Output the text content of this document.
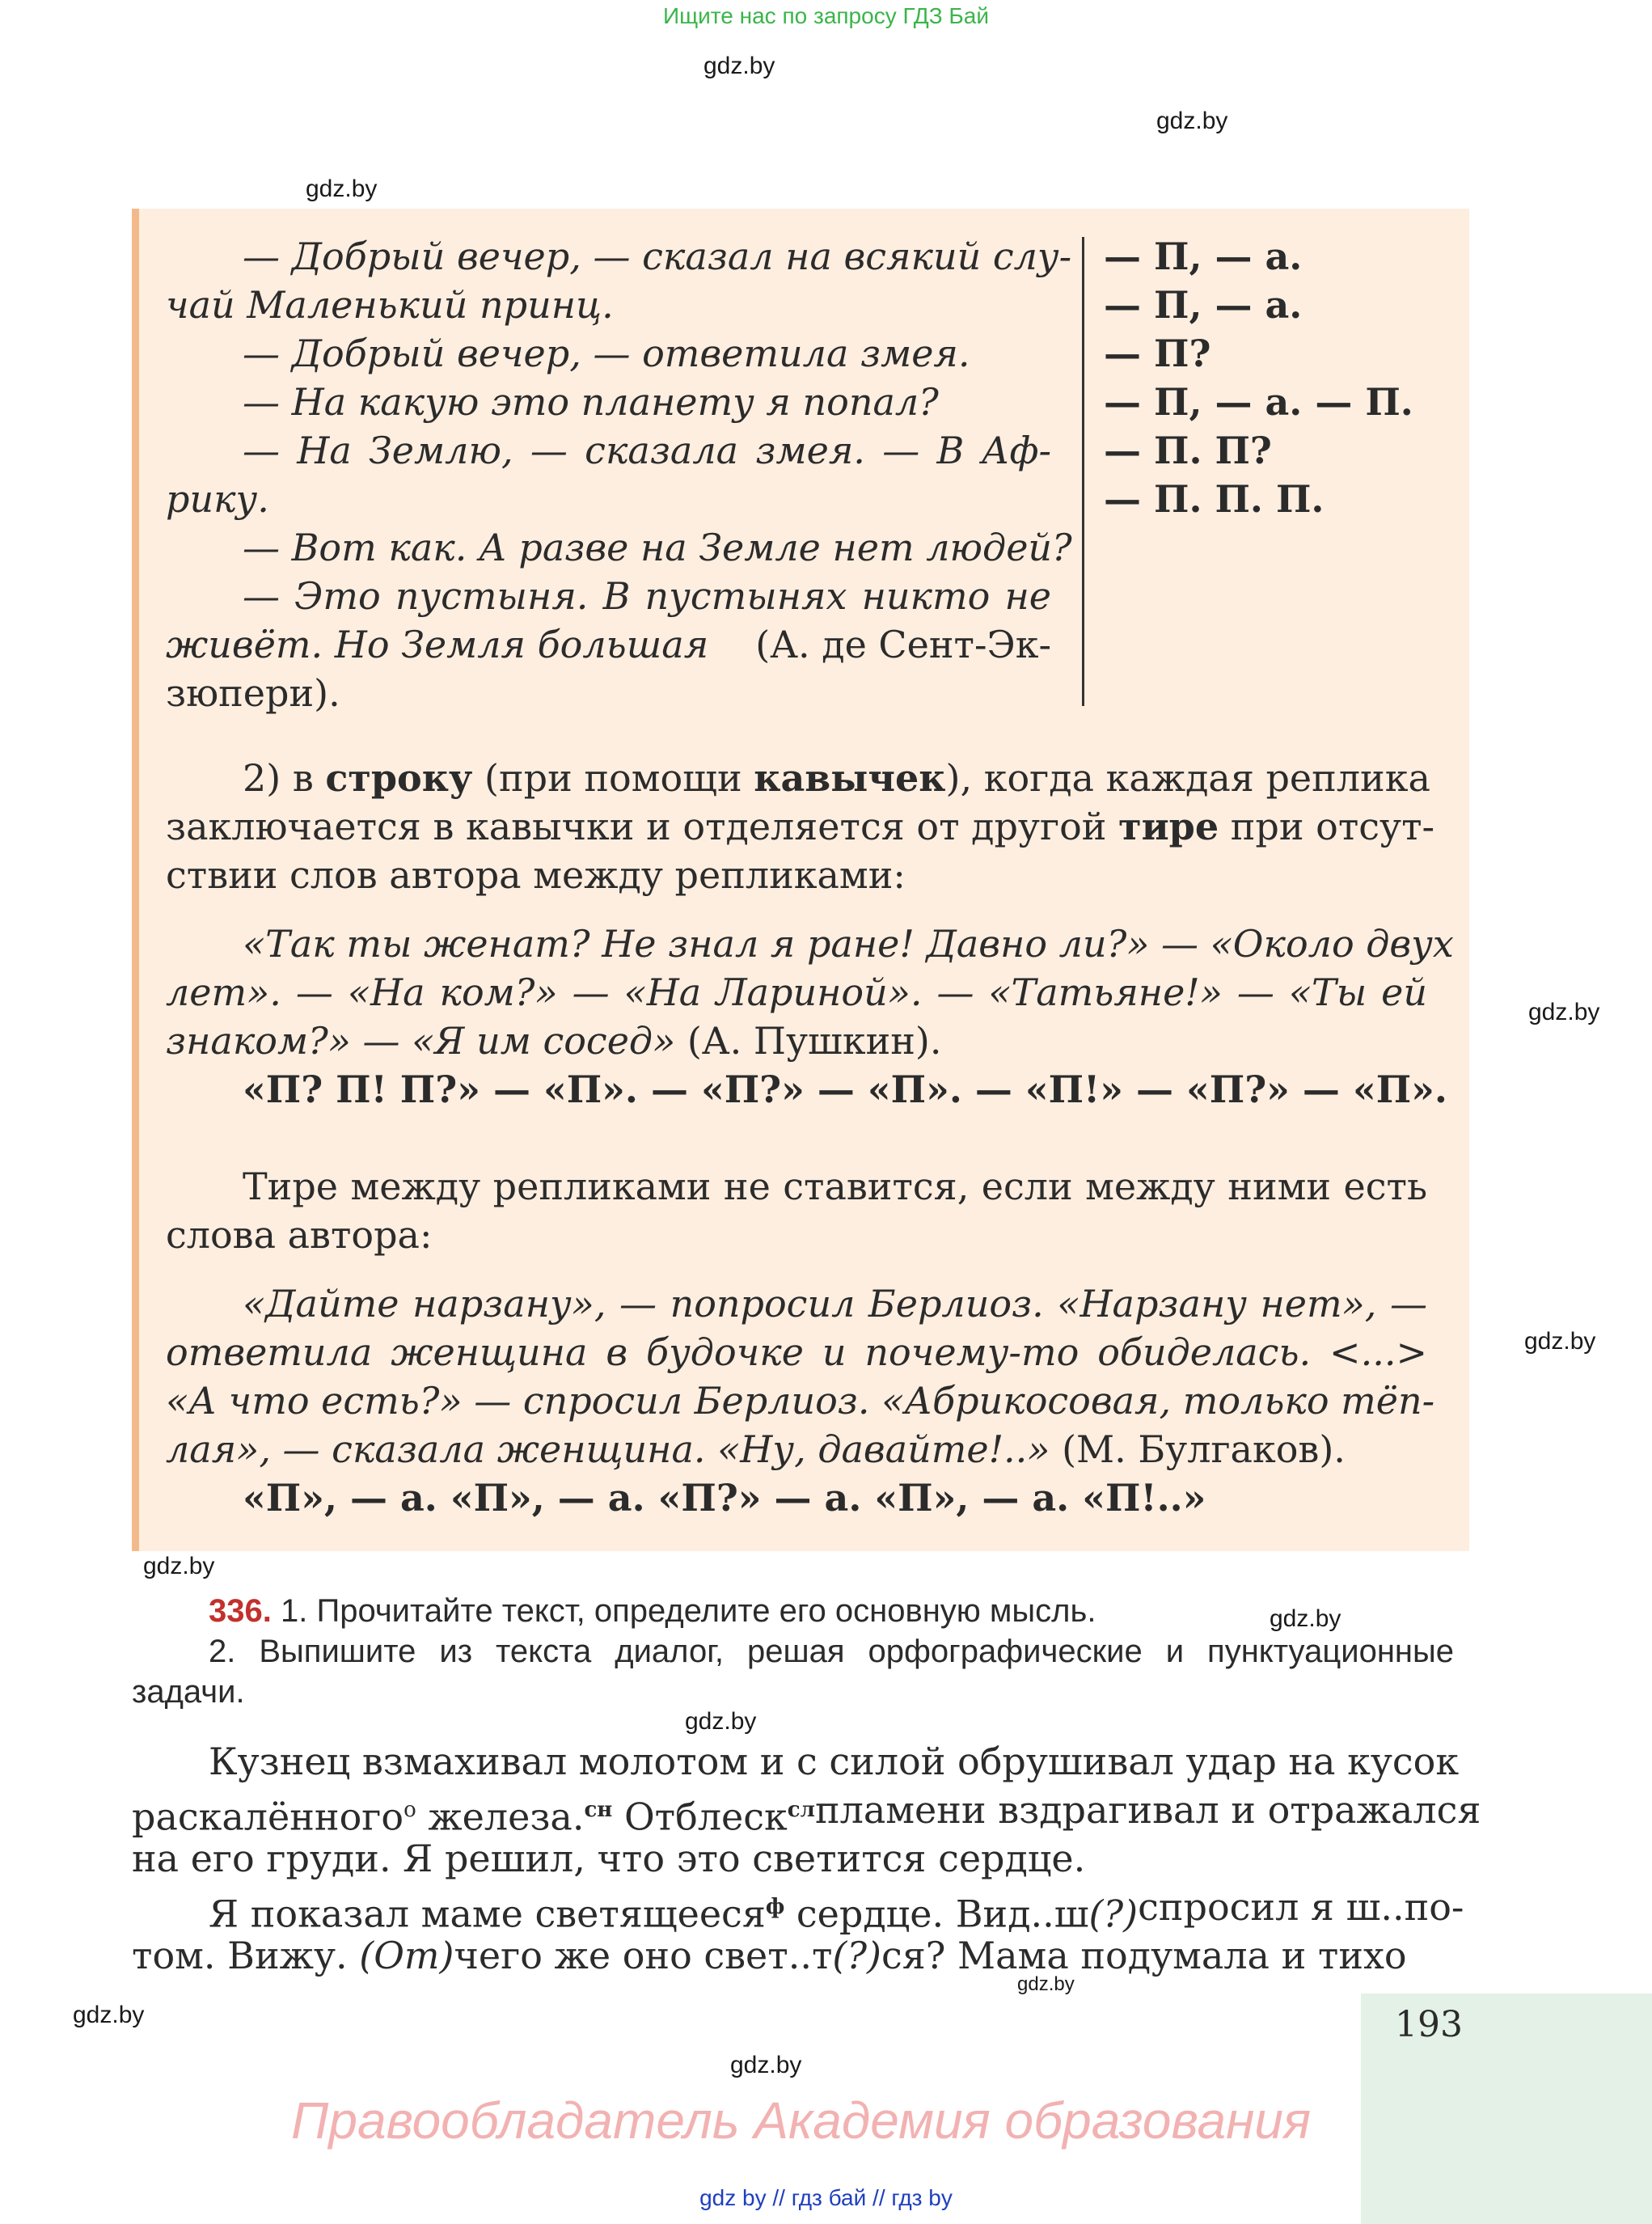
Ищите нас по запросу ГДЗ Бай
gdz.by
gdz.by
gdz.by
gdz.by
gdz.by
gdz.by
gdz.by
gdz.by
gdz.by
gdz.by
gdz.by
— Добрый вечер, — сказал на всякий слу-
чай Маленький принц.
— Добрый вечер, — ответила змея.
— На какую это планету я попал?
— На Землю, — сказала змея. — В Аф-
рику.
— Вот как. А разве на Земле нет людей?
— Это пустыня. В пустынях никто не
живёт. Но Земля большая (А. де Сент-Эк-
зюпери).
— П, — а.
— П, — а.
— П?
— П, — а. — П.
— П. П?
— П. П. П.
2) в строку (при помощи кавычек), когда каждая реплика
заключается в кавычки и отделяется от другой тире при отсут-
ствии слов автора между репликами:
«Так ты женат? Не знал я ране! Давно ли?» — «Около двух
лет». — «На ком?» — «На Лариной». — «Татьяне!» — «Ты ей
знаком?» — «Я им сосед» (А. Пушкин).
«П? П! П?» — «П». — «П?» — «П». — «П!» — «П?» — «П».
Тире между репликами не ставится, если между ними есть
слова автора:
«Дайте нарзану», — попросил Берлиоз. «Нарзану нет», —
ответила женщина в будочке и почему-то обиделась. <...>
«А что есть?» — спросил Берлиоз. «Абрикосовая, только тёп-
лая», — сказала женщина. «Ну, давайте!..» (М. Булгаков).
«П», — а. «П», — а. «П?» — а. «П», — а. «П!..»
336. 1. Прочитайте текст, определите его основную мысль.
2. Выпишите из текста диалог, решая орфографические и пунктуационные
задачи.
Кузнец взмахивал молотом и с силой обрушивал удар на кусок
раскалённого$^о$ железа.$^{сн}$ Отблеск$^{сл}$ пламени вздрагивал и отражался
на его груди. Я решил, что это светится сердце.
Я показал маме светящееся$^ф$ сердце. Вид..ш(?) спросил я ш..по-
том. Вижу. (От)чего же оно свет..т(?)ся? Мама подумала и тихо
193
Правообладатель Академия образования
gdz by // гдз бай // гдз by
